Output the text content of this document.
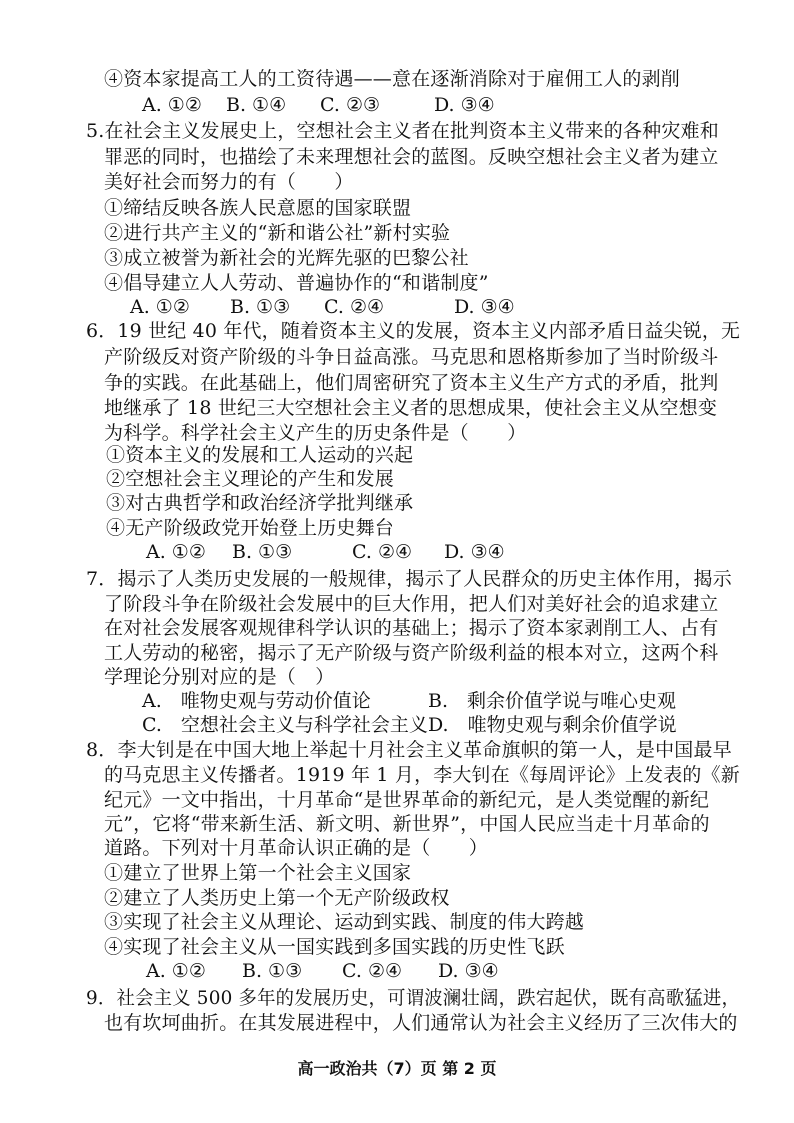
④资本家提高工人的工资待遇——意在逐渐消除对于雇佣工人的剥削
A. ①② B. ①④ C. ②③	D. ③④
5.在社会主义发展史上，空想社会主义者在批判资本主义带来的各种灾难和
罪恶的同时，也描绘了未来理想社会的蓝图。反映空想社会主义者为建立
美好社会而努力的有（　　）
①缔结反映各族人民意愿的国家联盟
②进行共产主义的“新和谐公社”新村实验
③成立被誉为新社会的光辉先驱的巴黎公社
④倡导建立人人劳动、普遍协作的“和谐制度”
A. ①② B. ①③ C. ②④	D. ③④
6．19 世纪 40 年代，随着资本主义的发展，资本主义内部矛盾日益尖锐，无
产阶级反对资产阶级的斗争日益高涨。马克思和恩格斯参加了当时阶级斗
争的实践。在此基础上，他们周密研究了资本主义生产方式的矛盾，批判
地继承了 18 世纪三大空想社会主义者的思想成果，使社会主义从空想变
为科学。科学社会主义产生的历史条件是（　　）
①资本主义的发展和工人运动的兴起
②空想社会主义理论的产生和发展
③对古典哲学和政治经济学批判继承
④无产阶级政党开始登上历史舞台
A. ①② B. ①③	C. ②④ D. ③④
7．揭示了人类历史发展的一般规律，揭示了人民群众的历史主体作用，揭示
了阶段斗争在阶级社会发展中的巨大作用，把人们对美好社会的追求建立
在对社会发展客观规律科学认识的基础上；揭示了资本家剥削工人、占有
工人劳动的秘密，揭示了无产阶级与资产阶级利益的根本对立，这两个科
学理论分别对应的是（　）
A.　唯物史观与劳动价值论	B.　剩余价值学说与唯心史观
C.　空想社会主义与科学社会主义 D.　唯物史观与剩余价值学说
8．李大钊是在中国大地上举起十月社会主义革命旗帜的第一人，是中国最早
的马克思主义传播者。1919 年 1 月，李大钊在《每周评论》上发表的《新
纪元》一文中指出，十月革命“是世界革命的新纪元，是人类觉醒的新纪
元”，它将“带来新生活、新文明、新世界”，中国人民应当走十月革命的
道路。下列对十月革命认识正确的是（　　）
①建立了世界上第一个社会主义国家
②建立了人类历史上第一个无产阶级政权
③实现了社会主义从理论、运动到实践、制度的伟大跨越
④实现了社会主义从一国实践到多国实践的历史性飞跃
A. ①② B. ①③ C. ②④ D. ③④
9．社会主义 500 多年的发展历史，可谓波澜壮阔，跌宕起伏，既有高歌猛进，
也有坎坷曲折。在其发展进程中，人们通常认为社会主义经历了三次伟大的
高一政治共（7）页 第 2 页
